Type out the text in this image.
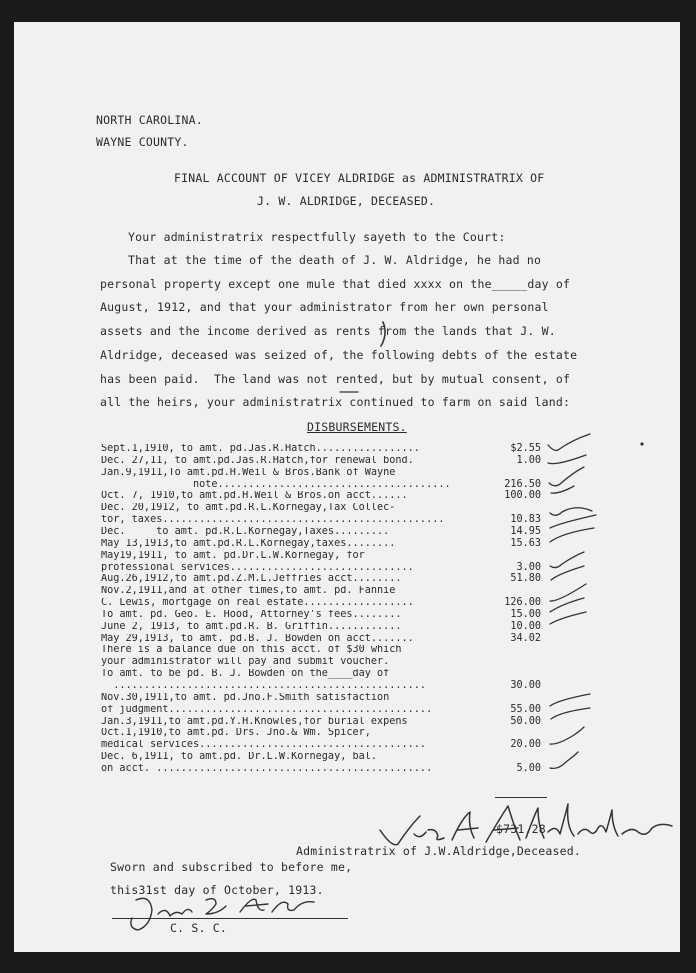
NORTH CAROLINA.
WAYNE COUNTY.
FINAL ACCOUNT OF VICEY ALDRIDGE as ADMINISTRATRIX OF
J. W. ALDRIDGE, DECEASED.
Your administratrix respectfully sayeth to the Court:
That at the time of the death of J. W. Aldridge, he had no
personal property except one mule that died xxxx on the_____day of
August, 1912, and that your administrator from her own personal
assets and the income derived as rents from the lands that J. W.
Aldridge, deceased was seized of, the following debts of the estate
has been paid.  The land was not rented, but by mutual consent, of
all the heirs, your administratrix continued to farm on said land:
DISBURSEMENTS.
Sept.1,1910, to amt. pd.Jas.R.Hatch.................	$2.55
Dec. 27,11, to amt.pd.Jas.R.Hatch,for renewal bond.	1.00
Jan.9,1911,To amt.pd.H.Weil & Bros.Bank of Wayne
note......................................	216.50
Oct. 7, 1910,to amt.pd.H.Weil & Bros.on acct......	100.00
Dec. 20,1912, to amt.pd.R.L.Kornegay,Tax Collec-
tor, taxes..............................................	10.83
Dec.     to amt. pd.R.L.Kornegay,Taxes.........	14.95
May 13,1913,to amt.pd.R.L.Kornegay,taxes........	15.63
May19,1911, to amt. pd.Dr.L.W.Kornegay, for
professional services..............................	3.00
Aug.26,1912,to amt.pd.Z.M.L.Jeffries acct........	51.80
Nov.2,1911,and at other times,to amt. pd. Fannie
C. Lewis, mortgage on real estate..................	126.00
To amt. pd. Geo. E. Hood, Attorney's fees........	15.00
June 2, 1913, to amt.pd.R. B. Griffin............	10.00
May 29,1913, to amt. pd.B. J. Bowden on acct.......	34.02
There is a balance due on this acct. of $30 which
your administrator will pay and submit voucher.
To amt. to be pd. B. J. Bowden on the____day of
...................................................	30.00
Nov.30,1911,to amt. pd.Jno.F.Smith satisfaction
of judgment...........................................	55.00
Jan.3,1911,to amt.pd.Y.H.Knowles,for burial expens	50.00
Oct.1,1910,to amt.pd. Drs. Jno.& Wm. Spicer,
medical services.....................................	20.00
Dec. 6,1911, to amt.pd. Dr.L.W.Kornegay, bal.
on acct. .............................................	5.00
$731.28
Administratrix of J.W.Aldridge,Deceased.
Sworn and subscribed to before me,
this31st day of October, 1913.
C. S. C.
